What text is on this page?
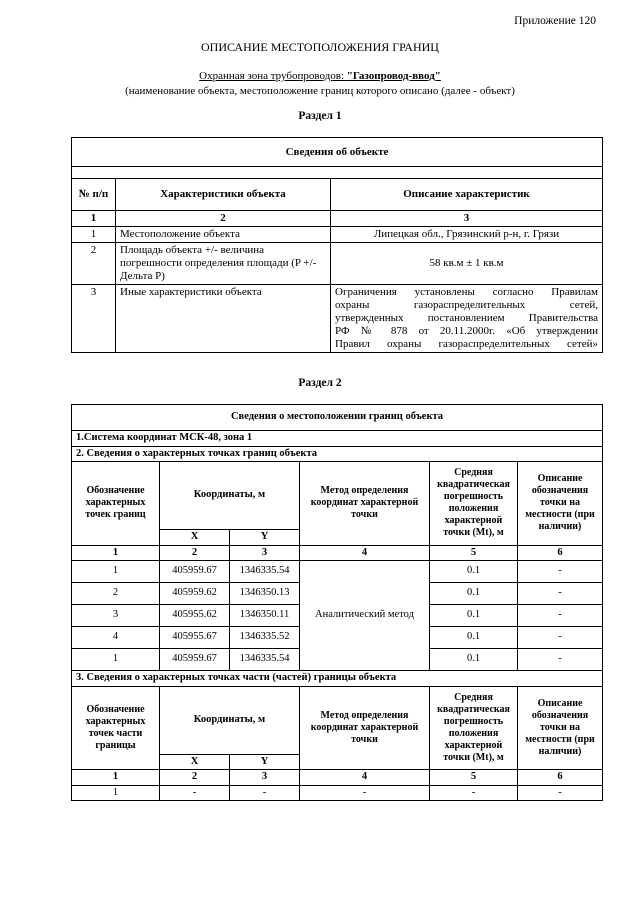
Приложение 120
ОПИСАНИЕ МЕСТОПОЛОЖЕНИЯ ГРАНИЦ
Охранная зона трубопроводов: "Газопровод-ввод"
(наименование объекта, местоположение границ которого описано (далее - объект)
Раздел 1
Сведения об объекте		

№ п/п	Характеристики объекта	Описание характеристик
1	2	3
1	Местоположение объекта	Липецкая обл., Грязинский р-н, г. Грязи
2	Площадь объекта +/- величина погрешности определения площади (P +/- Дельта P)	58 кв.м ± 1 кв.м
3	Иные характеристики объекта	Ограничения установлены согласно Правилам
охраны газораспределительных сетей,
утвержденных постановлением Правительства
РФ № 878 от 20.11.2000г. «Об утверждении
Правил охраны газораспределительных сетей»
Раздел 2
Сведения о местоположении границ объекта					
1.Система координат МСК-48, зона 1					
2. Сведения о характерных точках границ объекта					
Обозначение характерных точек границ	Координаты, м		Метод определения координат характерной точки	Средняя квадратическая погрешность положения характерной точки (Mt), м	Описание обозначения точки на местности (при наличии)
	X	Y			
1	2	3	4	5	6
1	405959.67	1346335.54	Аналитический метод	0.1	-
2	405959.62	1346350.13		0.1	-
3	405955.62	1346350.11		0.1	-
4	405955.67	1346335.52		0.1	-
1	405959.67	1346335.54		0.1	-
3. Сведения о характерных точках части (частей) границы объекта					
Обозначение характерных точек части границы	Координаты, м		Метод определения координат характерной точки	Средняя квадратическая погрешность положения характерной точки (Mt), м	Описание обозначения точки на местности (при наличии)
	X	Y			
1	2	3	4	5	6
1	-	-	-	-	-
